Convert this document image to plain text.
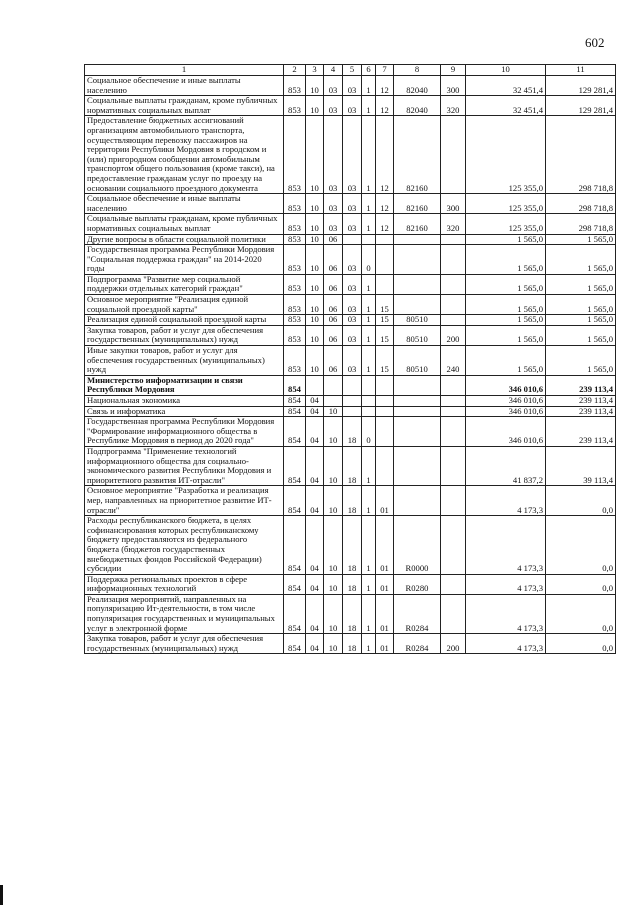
602
1	2	3	4	5	6	7	8	9	10	11
Социальное обеспечение и иные выплаты населению	853	10	03	03	1	12	82040	300	32 451,4	129 281,4
Социальные выплаты гражданам, кроме публичных нормативных социальных выплат	853	10	03	03	1	12	82040	320	32 451,4	129 281,4
Предоставление бюджетных ассигнований организациям автомобильного транспорта, осуществляющим перевозку пассажиров на территории Республики Мордовия в городском и (или) пригородном сообщении автомобильным транспортом общего пользования (кроме такси), на предоставление гражданам услуг по проезду на основании социального проездного документа	853	10	03	03	1	12	82160		125 355,0	298 718,8
Социальное обеспечение и иные выплаты населению	853	10	03	03	1	12	82160	300	125 355,0	298 718,8
Социальные выплаты гражданам, кроме публичных нормативных социальных выплат	853	10	03	03	1	12	82160	320	125 355,0	298 718,8
Другие вопросы в области социальной политики	853	10	06						1 565,0	1 565,0
Государственная программа Республики Мордовия "Социальная поддержка граждан" на 2014-2020 годы	853	10	06	03	0				1 565,0	1 565,0
Подпрограмма "Развитие мер социальной поддержки отдельных категорий граждан"	853	10	06	03	1				1 565,0	1 565,0
Основное мероприятие "Реализация единой социальной проездной карты"	853	10	06	03	1	15			1 565,0	1 565,0
Реализация единой социальной проездной карты	853	10	06	03	1	15	80510		1 565,0	1 565,0
Закупка товаров, работ и услуг для обеспечения государственных (муниципальных) нужд	853	10	06	03	1	15	80510	200	1 565,0	1 565,0
Иные закупки товаров, работ и услуг для обеспечения государственных (муниципальных) нужд	853	10	06	03	1	15	80510	240	1 565,0	1 565,0
Министерство информатизации и связи Республики Мордовия	854								346 010,6	239 113,4
Национальная экономика	854	04							346 010,6	239 113,4
Связь и информатика	854	04	10						346 010,6	239 113,4
Государственная программа Республики Мордовия "Формирование информационного общества в Республике Мордовия в период до 2020 года"	854	04	10	18	0				346 010,6	239 113,4
Подпрограмма "Применение технологий информационного общества для социально-экономического развития Республики Мордовия и приоритетного развития ИТ-отрасли"	854	04	10	18	1				41 837,2	39 113,4
Основное мероприятие "Разработка и реализация мер, направленных на приоритетное развитие ИТ-отрасли"	854	04	10	18	1	01			4 173,3	0,0
Расходы республиканского бюджета, в целях софинансирования которых республиканскому бюджету предоставляются из федерального бюджета (бюджетов государственных внебюджетных фондов Российской Федерации) субсидии	854	04	10	18	1	01	R0000		4 173,3	0,0
Поддержка региональных проектов в сфере информационных технологий	854	04	10	18	1	01	R0280		4 173,3	0,0
Реализация мероприятий, направленных на популяризацию Ит-деятельности, в том числе популяризация государственных и муниципальных услуг в электронной форме	854	04	10	18	1	01	R0284		4 173,3	0,0
Закупка товаров, работ и услуг для обеспечения государственных (муниципальных) нужд	854	04	10	18	1	01	R0284	200	4 173,3	0,0
